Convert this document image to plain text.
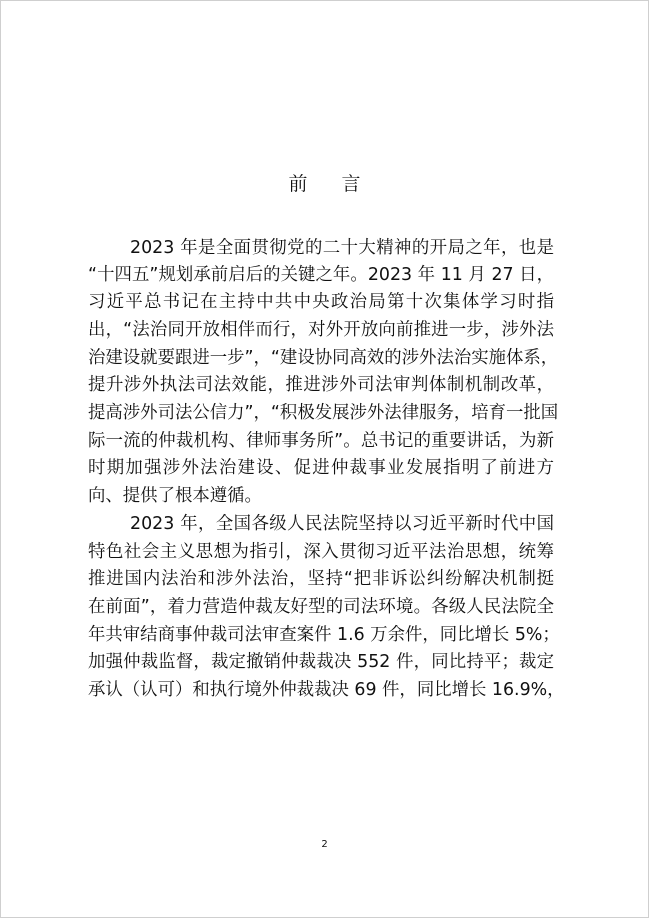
前 言
2023 年是全面贯彻党的二十大精神的开局之年，也是
“十四五”规划承前启后的关键之年。2023 年 11 月 27 日，
习近平总书记在主持中共中央政治局第十次集体学习时指
出，“法治同开放相伴而行，对外开放向前推进一步，涉外法
治建设就要跟进一步”，“建设协同高效的涉外法治实施体系，
提升涉外执法司法效能，推进涉外司法审判体制机制改革，
提高涉外司法公信力”，“积极发展涉外法律服务，培育一批国
际一流的仲裁机构、律师事务所”。总书记的重要讲话，为新
时期加强涉外法治建设、促进仲裁事业发展指明了前进方
向、提供了根本遵循。
2023 年，全国各级人民法院坚持以习近平新时代中国
特色社会主义思想为指引，深入贯彻习近平法治思想，统筹
推进国内法治和涉外法治，坚持“把非诉讼纠纷解决机制挺
在前面”，着力营造仲裁友好型的司法环境。各级人民法院全
年共审结商事仲裁司法审查案件 1.6 万余件，同比增长 5%；
加强仲裁监督，裁定撤销仲裁裁决 552 件，同比持平；裁定
承认（认可）和执行境外仲裁裁决 69 件，同比增长 16.9%，
2
